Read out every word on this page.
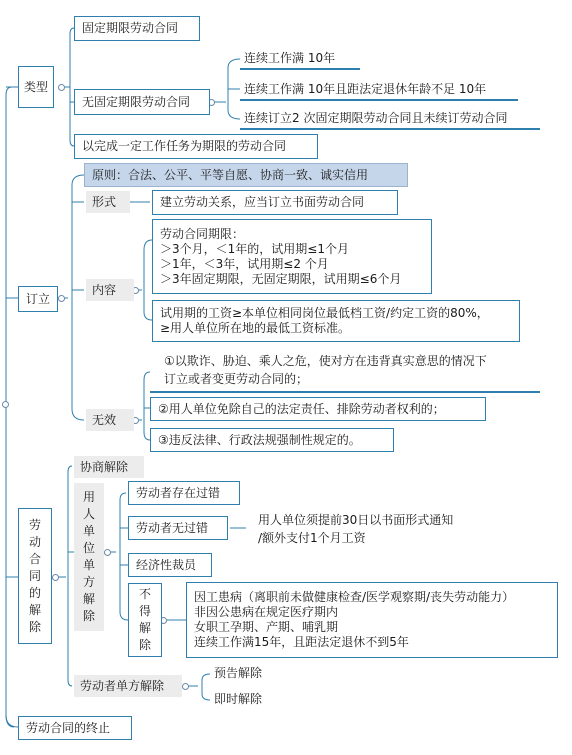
类型
固定期限劳动合同
无固定期限劳动合同
连续工作满 10年
连续工作满 10年且距法定退休年龄不足 10年
连续订立2 次固定期限劳动合同且未续订劳动合同
以完成一定工作任务为期限的劳动合同
订立
原则：合法、公平、平等自愿、协商一致、诚实信用
形式	建立劳动关系，应当订立书面劳动合同
内容
劳动合同期限：
＞3个月，＜1年的，试用期≤1个月
＞1年，＜3年，试用期≤2 个月
＞3年固定期限，无固定期限，试用期≤6个月
试用期的工资≥本单位相同岗位最低档工资/约定工资的80%，
≥用人单位所在地的最低工资标准。
无效
①以欺诈、胁迫、乘人之危，使对方在违背真实意思的情况下
订立或者变更劳动合同的；
②用人单位免除自己的法定责任、排除劳动者权利的；
③违反法律、行政法规强制性规定的。
劳
动
合
同
的
解
除
协商解除
用
人
单
位
单
方
解
除
劳动者存在过错
劳动者无过错
用人单位须提前30日以书面形式通知
/额外支付1个月工资
经济性裁员
不
得
解
除
因工患病（离职前未做健康检查/医学观察期/丧失劳动能力）
非因公患病在规定医疗期内
女职工孕期、产期、哺乳期
连续工作满15年，且距法定退休不到5年
劳动者单方解除
预告解除
即时解除
劳动合同的终止
